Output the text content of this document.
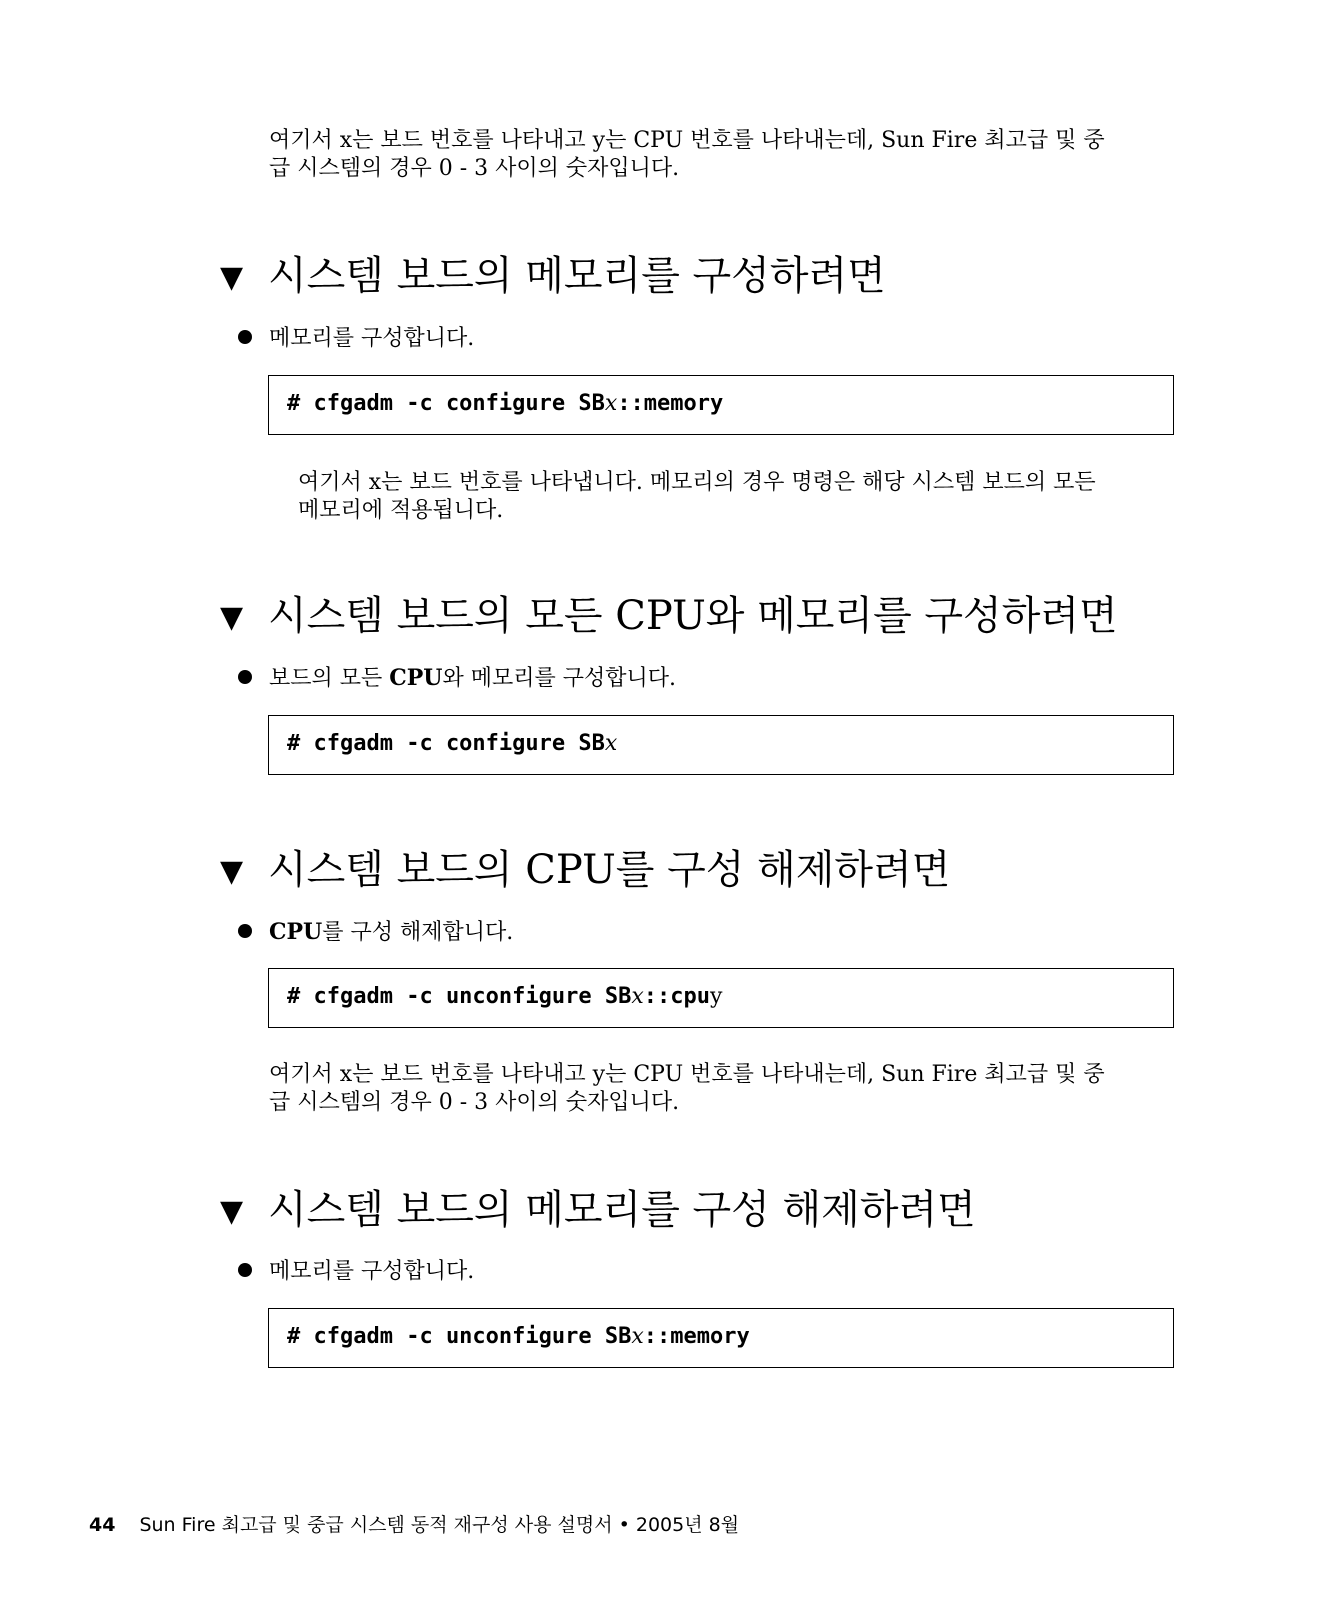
여기서 x는 보드 번호를 나타내고 y는 CPU 번호를 나타내는데, Sun Fire 최고급 및 중
급 시스템의 경우 0 - 3 사이의 숫자입니다.
▼ 시스템 보드의 메모리를 구성하려면
메모리를 구성합니다.
# cfgadm -c configure SBx::memory
여기서 x는 보드 번호를 나타냅니다. 메모리의 경우 명령은 해당 시스템 보드의 모든
메모리에 적용됩니다.
▼ 시스템 보드의 모든 CPU와 메모리를 구성하려면
보드의 모든 CPU와 메모리를 구성합니다.
# cfgadm -c configure SBx
▼ 시스템 보드의 CPU를 구성 해제하려면
CPU를 구성 해제합니다.
# cfgadm -c unconfigure SBx::cpuy
여기서 x는 보드 번호를 나타내고 y는 CPU 번호를 나타내는데, Sun Fire 최고급 및 중
급 시스템의 경우 0 - 3 사이의 숫자입니다.
▼ 시스템 보드의 메모리를 구성 해제하려면
메모리를 구성합니다.
# cfgadm -c unconfigure SBx::memory
44 Sun Fire 최고급 및 중급 시스템 동적 재구성 사용 설명서 • 2005년 8월
